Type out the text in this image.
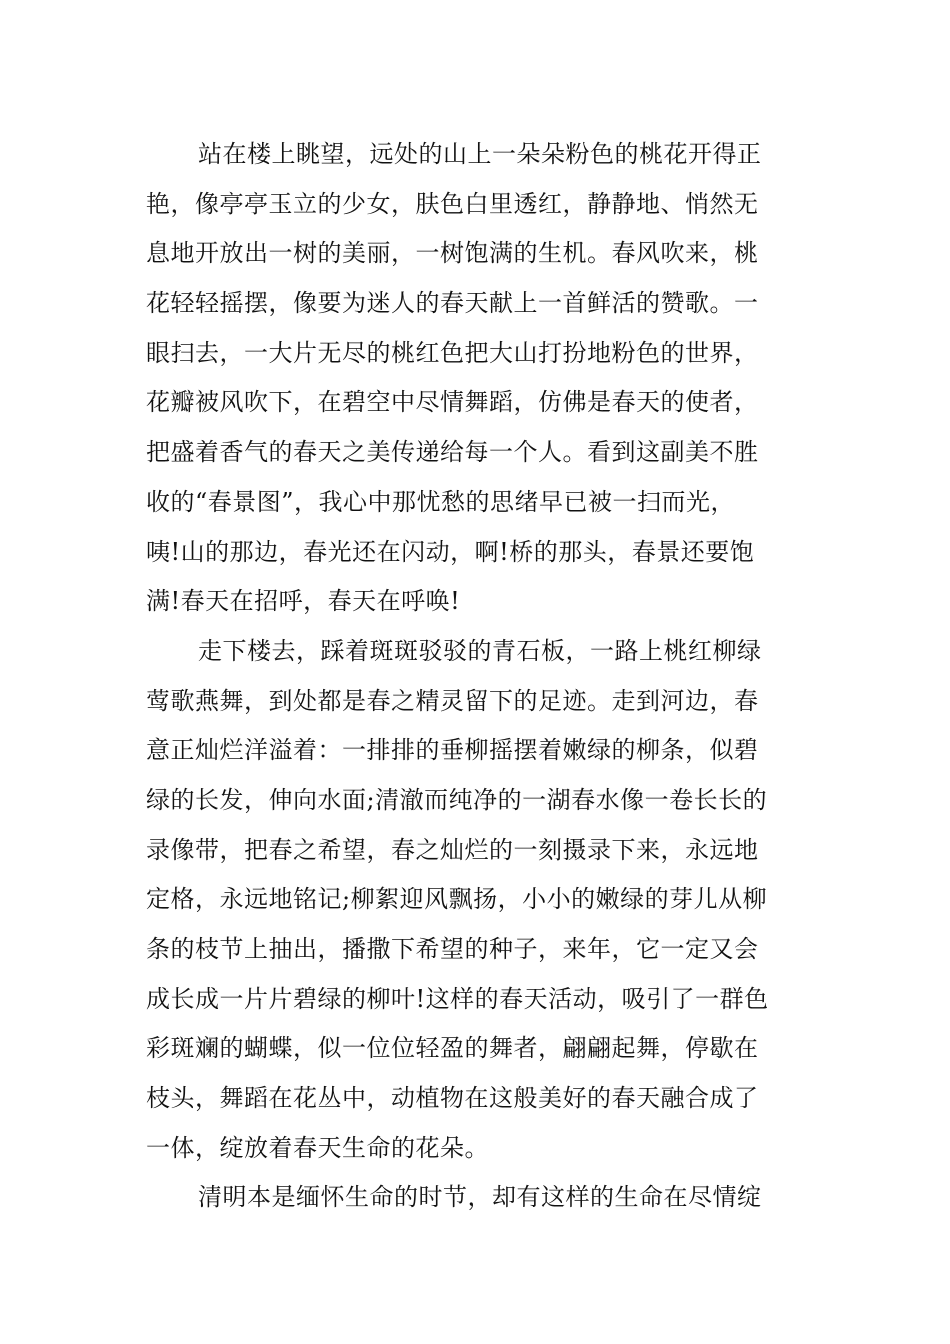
站在楼上眺望，远处的山上一朵朵粉色的桃花开得正
艳，像亭亭玉立的少女，肤色白里透红，静静地、悄然无
息地开放出一树的美丽，一树饱满的生机。春风吹来，桃
花轻轻摇摆，像要为迷人的春天献上一首鲜活的赞歌。一
眼扫去，一大片无尽的桃红色把大山打扮地粉色的世界，
花瓣被风吹下，在碧空中尽情舞蹈，仿佛是春天的使者，
把盛着香气的春天之美传递给每一个人。看到这副美不胜
收的“春景图”，我心中那忧愁的思绪早已被一扫而光，
咦!山的那边，春光还在闪动，啊!桥的那头，春景还要饱
满!春天在招呼，春天在呼唤!
走下楼去，踩着斑斑驳驳的青石板，一路上桃红柳绿
莺歌燕舞，到处都是春之精灵留下的足迹。走到河边，春
意正灿烂洋溢着：一排排的垂柳摇摆着嫩绿的柳条，似碧
绿的长发，伸向水面;清澈而纯净的一湖春水像一卷长长的
录像带，把春之希望，春之灿烂的一刻摄录下来，永远地
定格，永远地铭记;柳絮迎风飘扬，小小的嫩绿的芽儿从柳
条的枝节上抽出，播撒下希望的种子，来年，它一定又会
成长成一片片碧绿的柳叶!这样的春天活动，吸引了一群色
彩斑斓的蝴蝶，似一位位轻盈的舞者，翩翩起舞，停歇在
枝头，舞蹈在花丛中，动植物在这般美好的春天融合成了
一体，绽放着春天生命的花朵。
清明本是缅怀生命的时节，却有这样的生命在尽情绽
